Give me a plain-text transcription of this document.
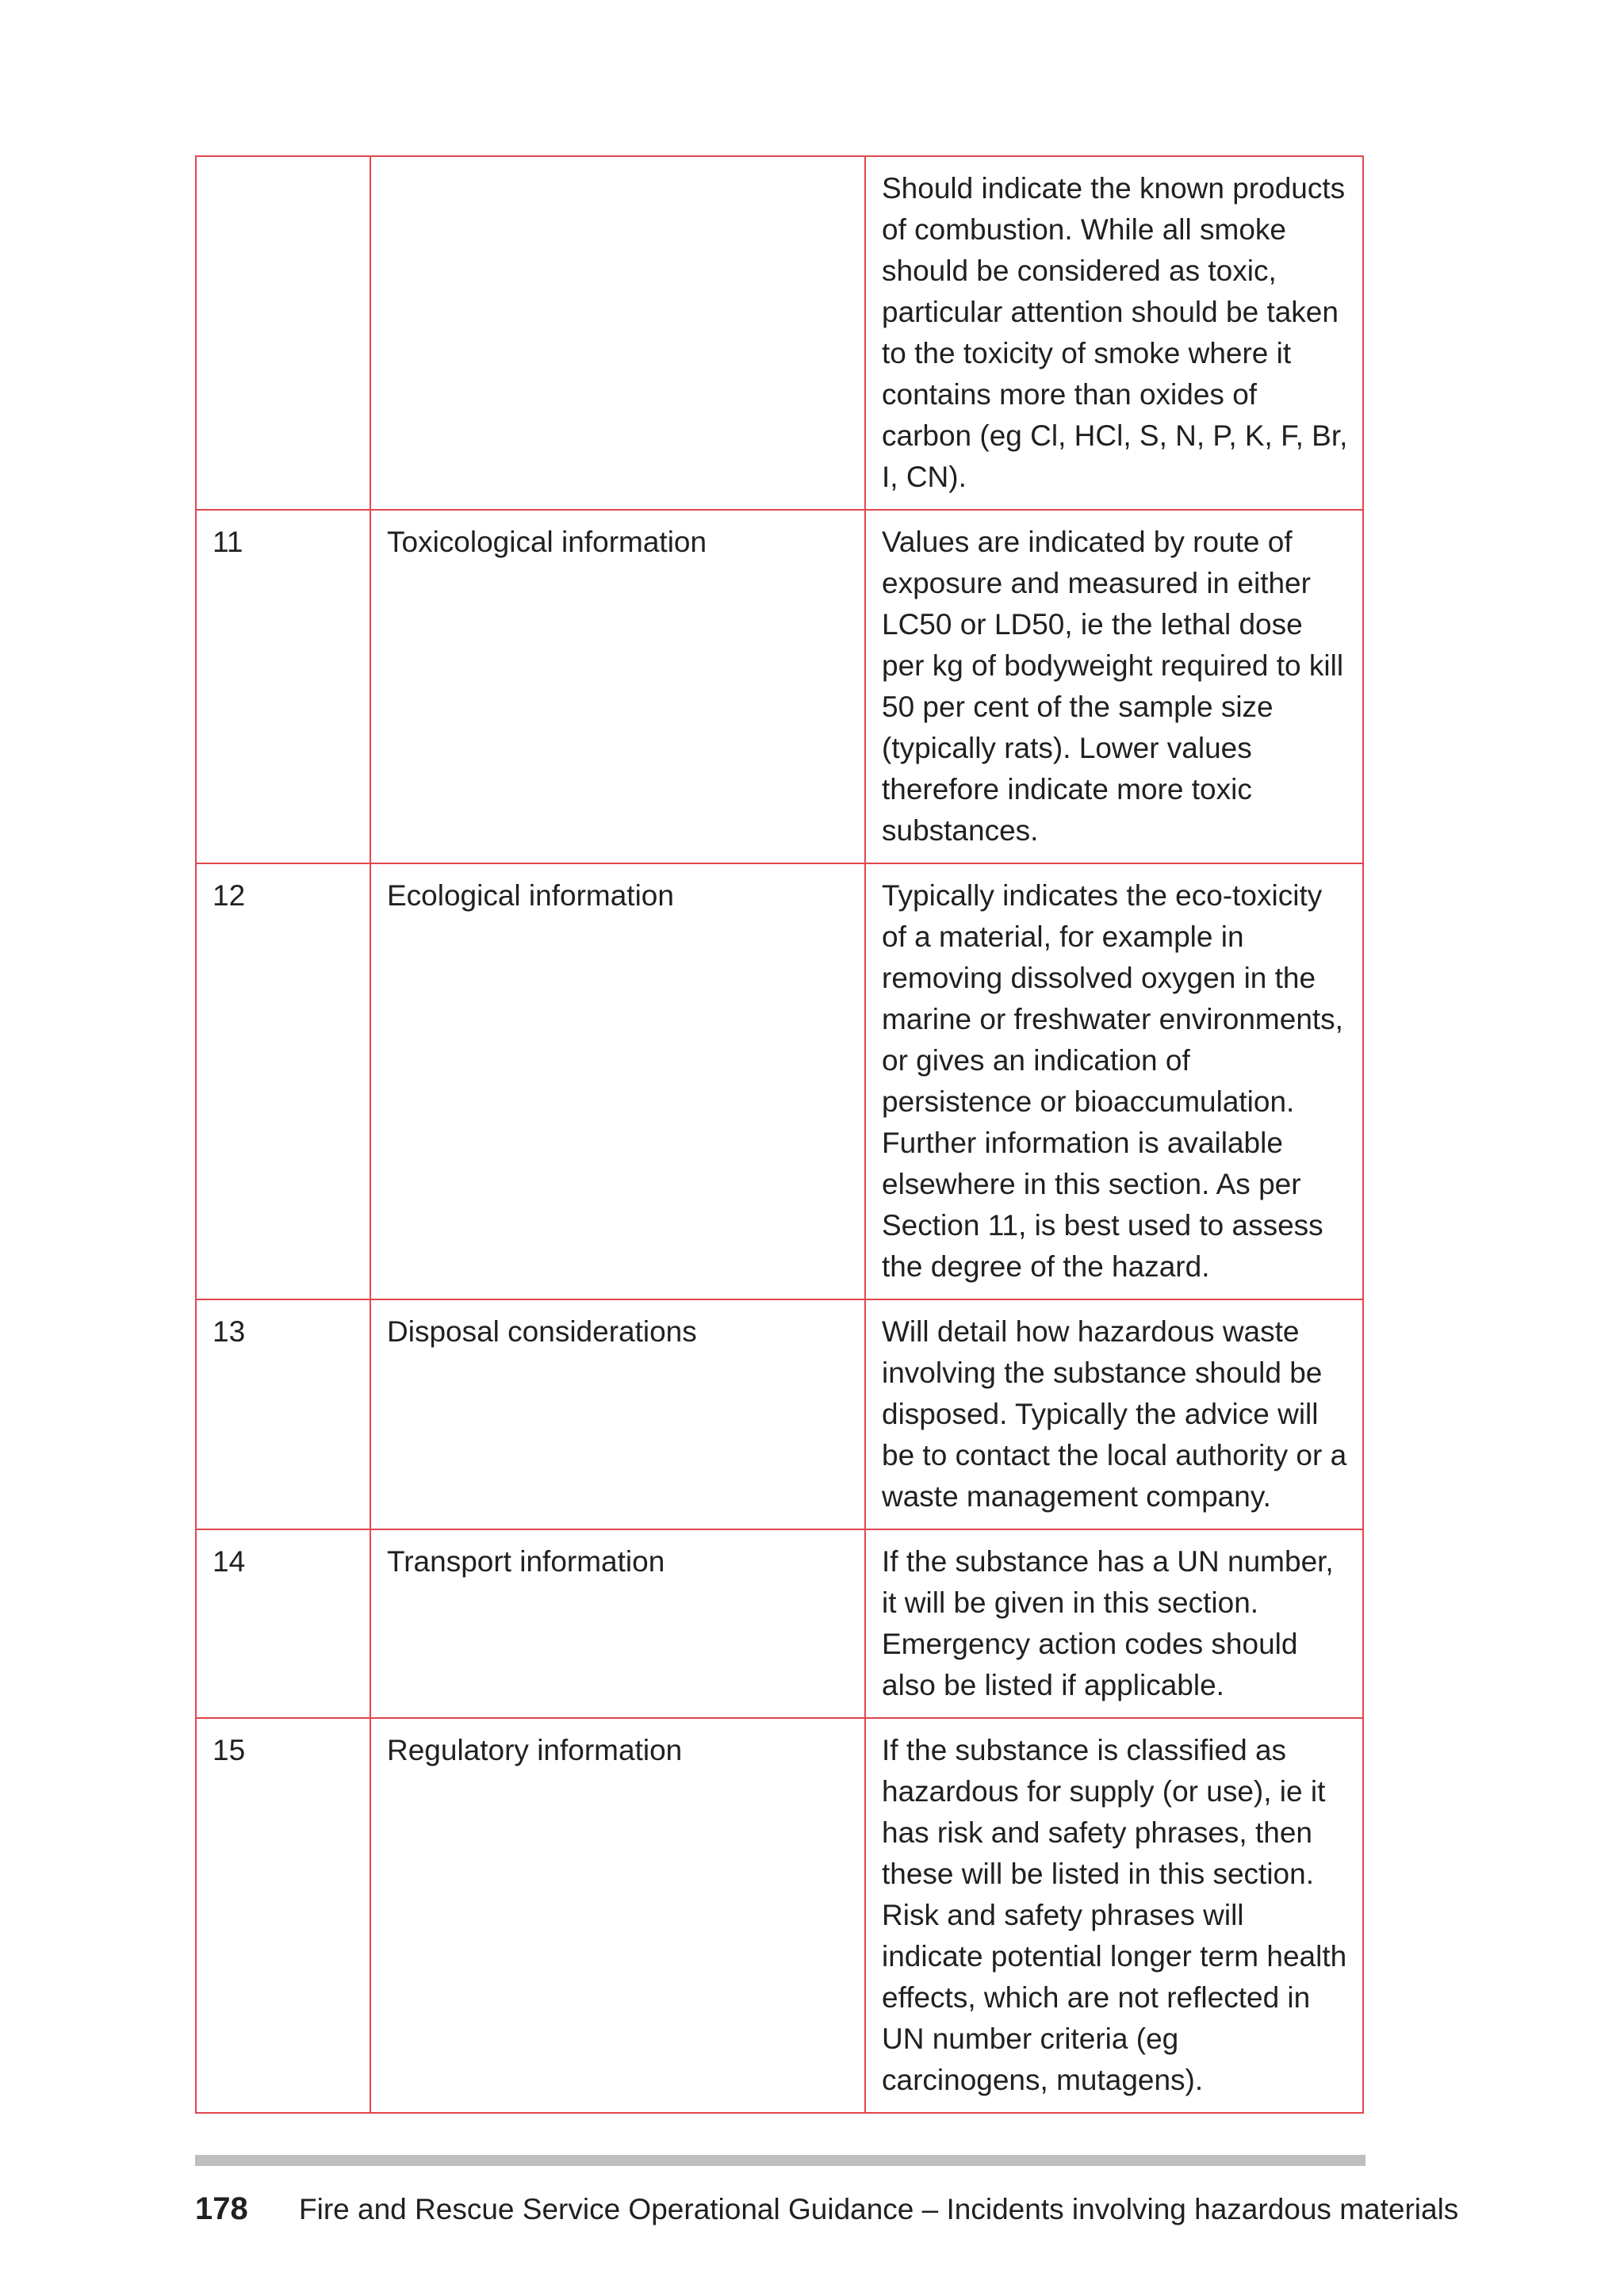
		Should indicate the known products of combustion. While all smoke should be considered as toxic, particular attention should be taken to the toxicity of smoke where it contains more than oxides of carbon (eg Cl, HCl, S, N, P, K, F, Br, I, CN).
11	Toxicological information	Values are indicated by route of exposure and measured in either LC50 or LD50, ie the lethal dose per kg of bodyweight required to kill 50 per cent of the sample size (typically rats). Lower values therefore indicate more toxic substances.
12	Ecological information	Typically indicates the eco-toxicity of a material, for example in removing dissolved oxygen in the marine or freshwater environments, or gives an indication of persistence or bioaccumulation. Further information is available elsewhere in this section. As per Section 11, is best used to assess the degree of the hazard.
13	Disposal considerations	Will detail how hazardous waste involving the substance should be disposed. Typically the advice will be to contact the local authority or a waste management company.
14	Transport information	If the substance has a UN number, it will be given in this section. Emergency action codes should also be listed if applicable.
15	Regulatory information	If the substance is classified as hazardous for supply (or use), ie it has risk and safety phrases, then these will be listed in this section. Risk and safety phrases will indicate potential longer term health effects, which are not reflected in UN number criteria (eg carcinogens, mutagens).
178 Fire and Rescue Service Operational Guidance – Incidents involving hazardous materials
